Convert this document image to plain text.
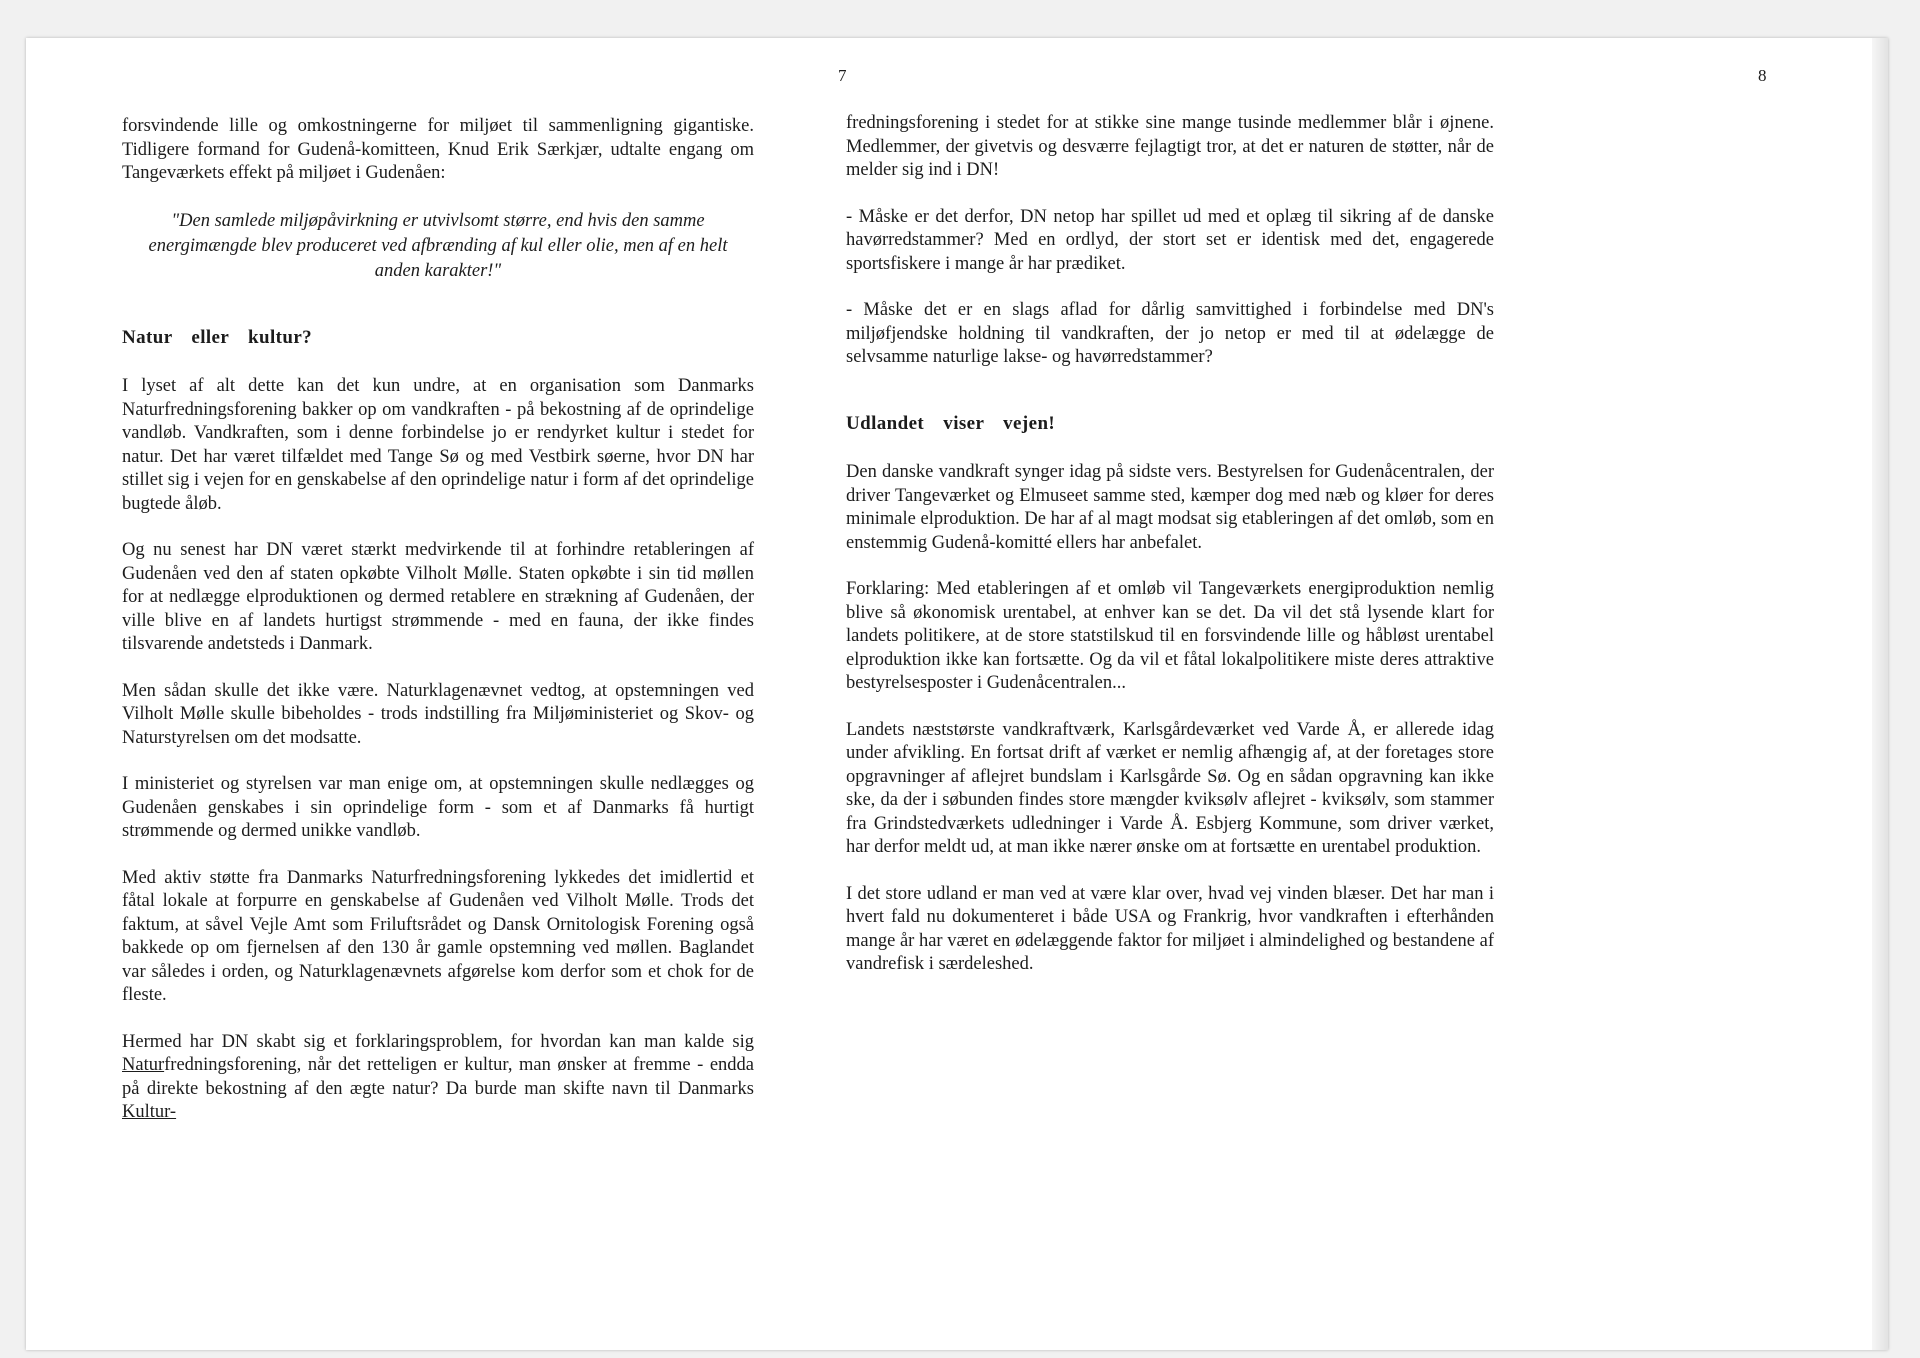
7	8

forsvindende lille og omkostningerne for miljøet til sammenligning gigantiske. Tidligere formand for Gudenå-komitteen, Knud Erik Særkjær, udtalte engang om Tangeværkets effekt på miljøet i Gudenåen:

"Den samlede miljøpåvirkning er utvivlsomt større, end hvis den samme energimængde blev produceret ved afbrænding af kul eller olie, men af en helt anden karakter!"

Natur eller kultur?

I lyset af alt dette kan det kun undre, at en organisation som Danmarks Naturfredningsforening bakker op om vandkraften - på bekostning af de oprindelige vandløb. Vandkraften, som i denne forbindelse jo er rendyrket kultur i stedet for natur. Det har været tilfældet med Tange Sø og med Vestbirk søerne, hvor DN har stillet sig i vejen for en genskabelse af den oprindelige natur i form af det oprindelige bugtede åløb.

Og nu senest har DN været stærkt medvirkende til at forhindre retableringen af Gudenåen ved den af staten opkøbte Vilholt Mølle. Staten opkøbte i sin tid møllen for at nedlægge elproduktionen og dermed retablere en strækning af Gudenåen, der ville blive en af landets hurtigst strømmende - med en fauna, der ikke findes tilsvarende andetsteds i Danmark.

Men sådan skulle det ikke være. Naturklagenævnet vedtog, at opstemningen ved Vilholt Mølle skulle bibeholdes - trods indstilling fra Miljøministeriet og Skov- og Naturstyrelsen om det modsatte.

I ministeriet og styrelsen var man enige om, at opstemningen skulle nedlægges og Gudenåen genskabes i sin oprindelige form - som et af Danmarks få hurtigt strømmende og dermed unikke vandløb.

Med aktiv støtte fra Danmarks Naturfredningsforening lykkedes det imidlertid et fåtal lokale at forpurre en genskabelse af Gudenåen ved Vilholt Mølle. Trods det faktum, at såvel Vejle Amt som Friluftsrådet og Dansk Ornitologisk Forening også bakkede op om fjernelsen af den 130 år gamle opstemning ved møllen. Baglandet var således i orden, og Naturklagenævnets afgørelse kom derfor som et chok for de fleste.

Hermed har DN skabt sig et forklaringsproblem, for hvordan kan man kalde sig Naturfredningsforening, når det retteligen er kultur, man ønsker at fremme - endda på direkte bekostning af den ægte natur? Da burde man skifte navn til Danmarks Kultur-

fredningsforening i stedet for at stikke sine mange tusinde medlemmer blår i øjnene. Medlemmer, der givetvis og desværre fejlagtigt tror, at det er naturen de støtter, når de melder sig ind i DN!

- Måske er det derfor, DN netop har spillet ud med et oplæg til sikring af de danske havørredstammer? Med en ordlyd, der stort set er identisk med det, engagerede sportsfiskere i mange år har prædiket.

- Måske det er en slags aflad for dårlig samvittighed i forbindelse med DN's miljøfjendske holdning til vandkraften, der jo netop er med til at ødelægge de selvsamme naturlige lakse- og havørredstammer?

Udlandet viser vejen!

Den danske vandkraft synger idag på sidste vers. Bestyrelsen for Gudenåcentralen, der driver Tangeværket og Elmuseet samme sted, kæmper dog med næb og kløer for deres minimale elproduktion. De har af al magt modsat sig etableringen af det omløb, som en enstemmig Gudenå-komitté ellers har anbefalet.

Forklaring: Med etableringen af et omløb vil Tangeværkets energiproduktion nemlig blive så økonomisk urentabel, at enhver kan se det. Da vil det stå lysende klart for landets politikere, at de store statstilskud til en forsvindende lille og håbløst urentabel elproduktion ikke kan fortsætte. Og da vil et fåtal lokalpolitikere miste deres attraktive bestyrelsesposter i Gudenåcentralen...

Landets næststørste vandkraftværk, Karlsgårdeværket ved Varde Å, er allerede idag under afvikling. En fortsat drift af værket er nemlig afhængig af, at der foretages store opgravninger af aflejret bundslam i Karlsgårde Sø. Og en sådan opgravning kan ikke ske, da der i søbunden findes store mængder kviksølv aflejret - kviksølv, som stammer fra Grindstedværkets udledninger i Varde Å. Esbjerg Kommune, som driver værket, har derfor meldt ud, at man ikke nærer ønske om at fortsætte en urentabel produktion.

I det store udland er man ved at være klar over, hvad vej vinden blæser. Det har man i hvert fald nu dokumenteret i både USA og Frankrig, hvor vandkraften i efterhånden mange år har været en ødelæggende faktor for miljøet i almindelighed og bestandene af vandrefisk i særdeleshed.
